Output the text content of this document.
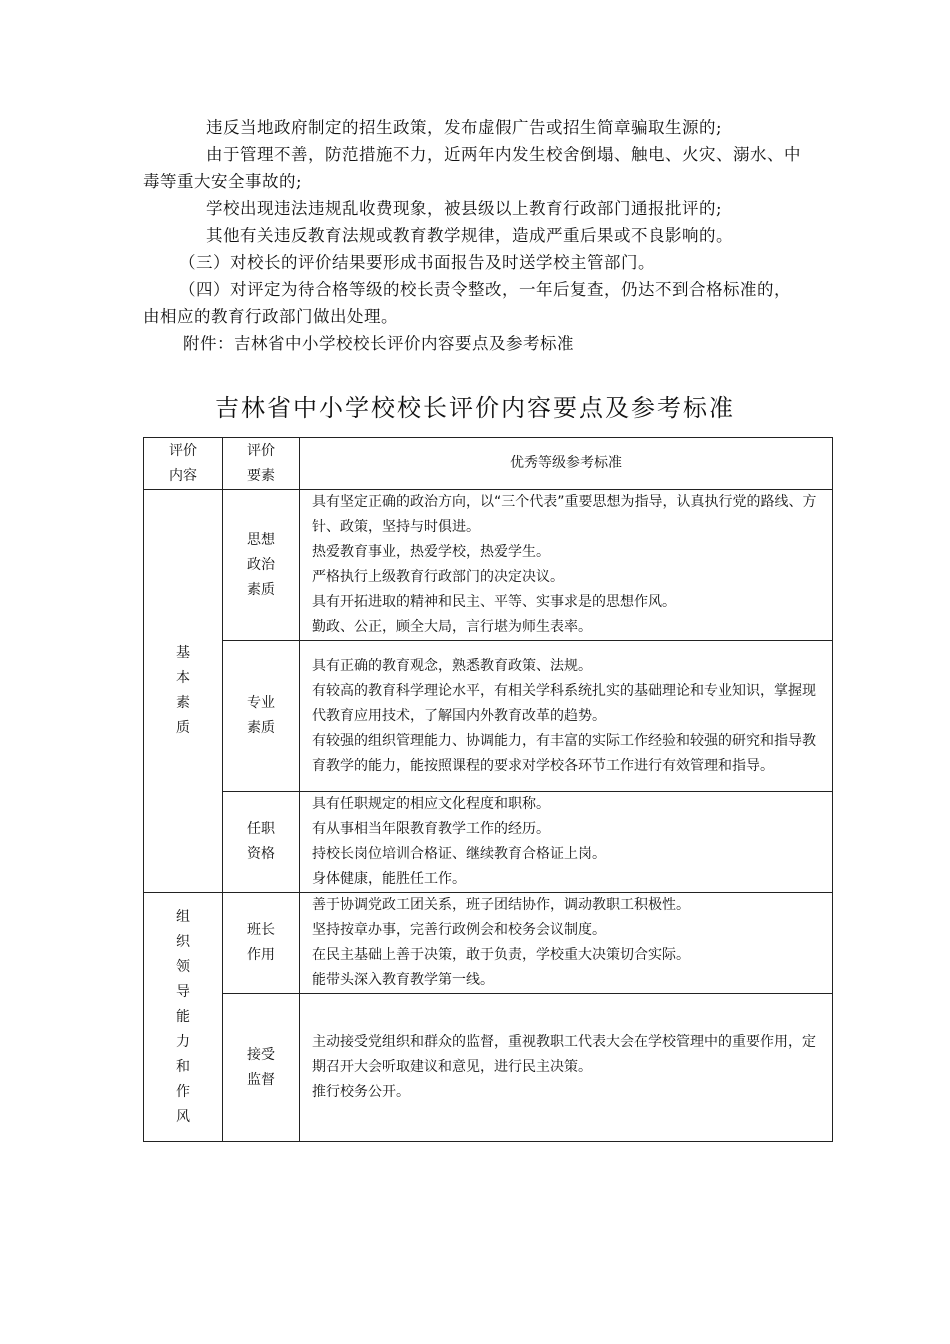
违反当地政府制定的招生政策，发布虚假广告或招生简章骗取生源的;

由于管理不善，防范措施不力，近两年内发生校舍倒塌、触电、火灾、溺水、中毒等重大安全事故的;

学校出现违法违规乱收费现象，被县级以上教育行政部门通报批评的;

其他有关违反教育法规或教育教学规律，造成严重后果或不良影响的。

（三）对校长的评价结果要形成书面报告及时送学校主管部门。

（四）对评定为待合格等级的校长责令整改，一年后复查，仍达不到合格标准的，由相应的教育行政部门做出处理。

附件：吉林省中小学校校长评价内容要点及参考标准

吉林省中小学校校长评价内容要点及参考标准
评价内容	评价要素	优秀等级参考标准
基本素质	思想政治素质	具有坚定正确的政治方向，以“三个代表”重要思想为指导，认真执行党的路线、方针、政策，坚持与时俱进。
热爱教育事业，热爱学校，热爱学生。
严格执行上级教育行政部门的决定决议。
具有开拓进取的精神和民主、平等、实事求是的思想作风。
勤政、公正，顾全大局，言行堪为师生表率。

	专业素质	具有正确的教育观念，熟悉教育政策、法规。
有较高的教育科学理论水平，有相关学科系统扎实的基础理论和专业知识，掌握现代教育应用技术，了解国内外教育改革的趋势。
有较强的组织管理能力、协调能力，有丰富的实际工作经验和较强的研究和指导教育教学的能力，能按照课程的要求对学校各环节工作进行有效管理和指导。

	任职资格	具有任职规定的相应文化程度和职称。
有从事相当年限教育教学工作的经历。
持校长岗位培训合格证、继续教育合格证上岗。
身体健康，能胜任工作。

组织领导能力和作风	班长作用	善于协调党政工团关系，班子团结协作，调动教职工积极性。
坚持按章办事，完善行政例会和校务会议制度。
在民主基础上善于决策，敢于负责，学校重大决策切合实际。
能带头深入教育教学第一线。

	接受监督	主动接受党组织和群众的监督，重视教职工代表大会在学校管理中的重要作用，定期召开大会听取建议和意见，进行民主决策。
推行校务公开。
